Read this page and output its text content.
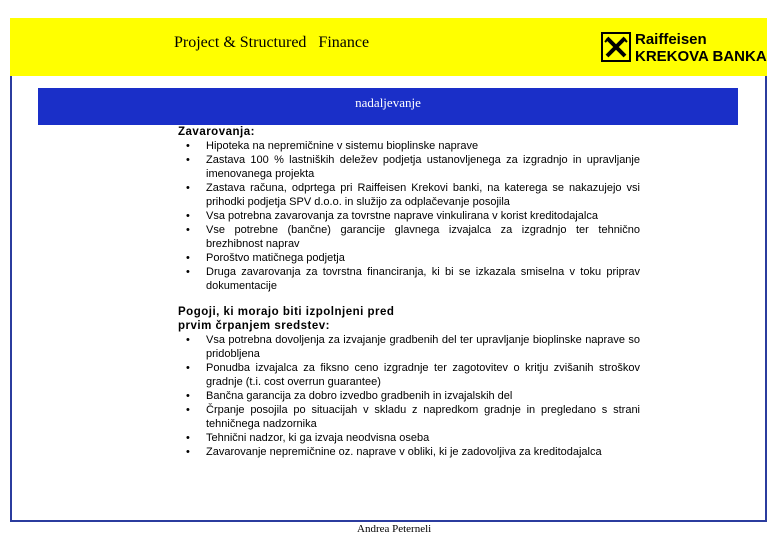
Project & Structured   Finance	Raiffeisen
KREKOVA BANKA
nadaljevanje

Zavarovanja:

• Hipoteka na nepremičnine v sistemu bioplinske naprave
• Zastava 100 % lastniških deležev podjetja ustanovljenega za izgradnjo in upravljanje imenovanega projekta
• Zastava računa, odprtega pri Raiffeisen Krekovi banki, na katerega se nakazujejo vsi prihodki podjetja SPV d.o.o. in služijo za odplačevanje posojila
• Vsa potrebna zavarovanja za tovrstne naprave vinkulirana v korist kreditodajalca
• Vse potrebne (bančne) garancije glavnega izvajalca za izgradnjo ter tehnično brezhibnost naprav
• Poroštvo matičnega podjetja
• Druga zavarovanja za tovrstna financiranja, ki bi se izkazala smiselna v toku priprav dokumentacije

Pogoji, ki morajo biti izpolnjeni pred
prvim črpanjem sredstev:

• Vsa potrebna dovoljenja za izvajanje gradbenih del ter upravljanje bioplinske naprave so pridobljena
• Ponudba izvajalca za fiksno ceno izgradnje ter zagotovitev o kritju zvišanih stroškov gradnje (t.i. cost overrun guarantee)
• Bančna garancija za dobro izvedbo gradbenih in izvajalskih del
• Črpanje posojila po situacijah v skladu z napredkom gradnje in pregledano s strani tehničnega nadzornika
• Tehnični nadzor, ki ga izvaja neodvisna oseba
• Zavarovanje nepremičnine oz. naprave v obliki, ki je zadovoljiva za kreditodajalca
Andrea Peterneli
